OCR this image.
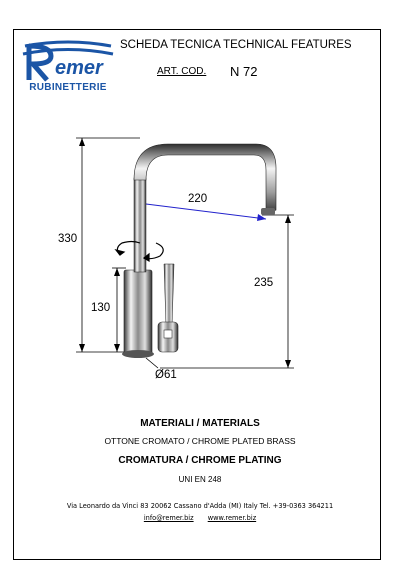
emer
RUBINETTERIE
SCHEDA TECNICA TECHNICAL FEATURES
ART. COD. N 72
330
220
235
130
Ø61
MATERIALI / MATERIALS
OTTONE CROMATO / CHROME PLATED BRASS
CROMATURA / CHROME PLATING
UNI EN 248
Via Leonardo da Vinci 83 20062 Cassano d'Adda (MI) Italy Tel. +39-0363 364211
info@remer.biz www.remer.biz
